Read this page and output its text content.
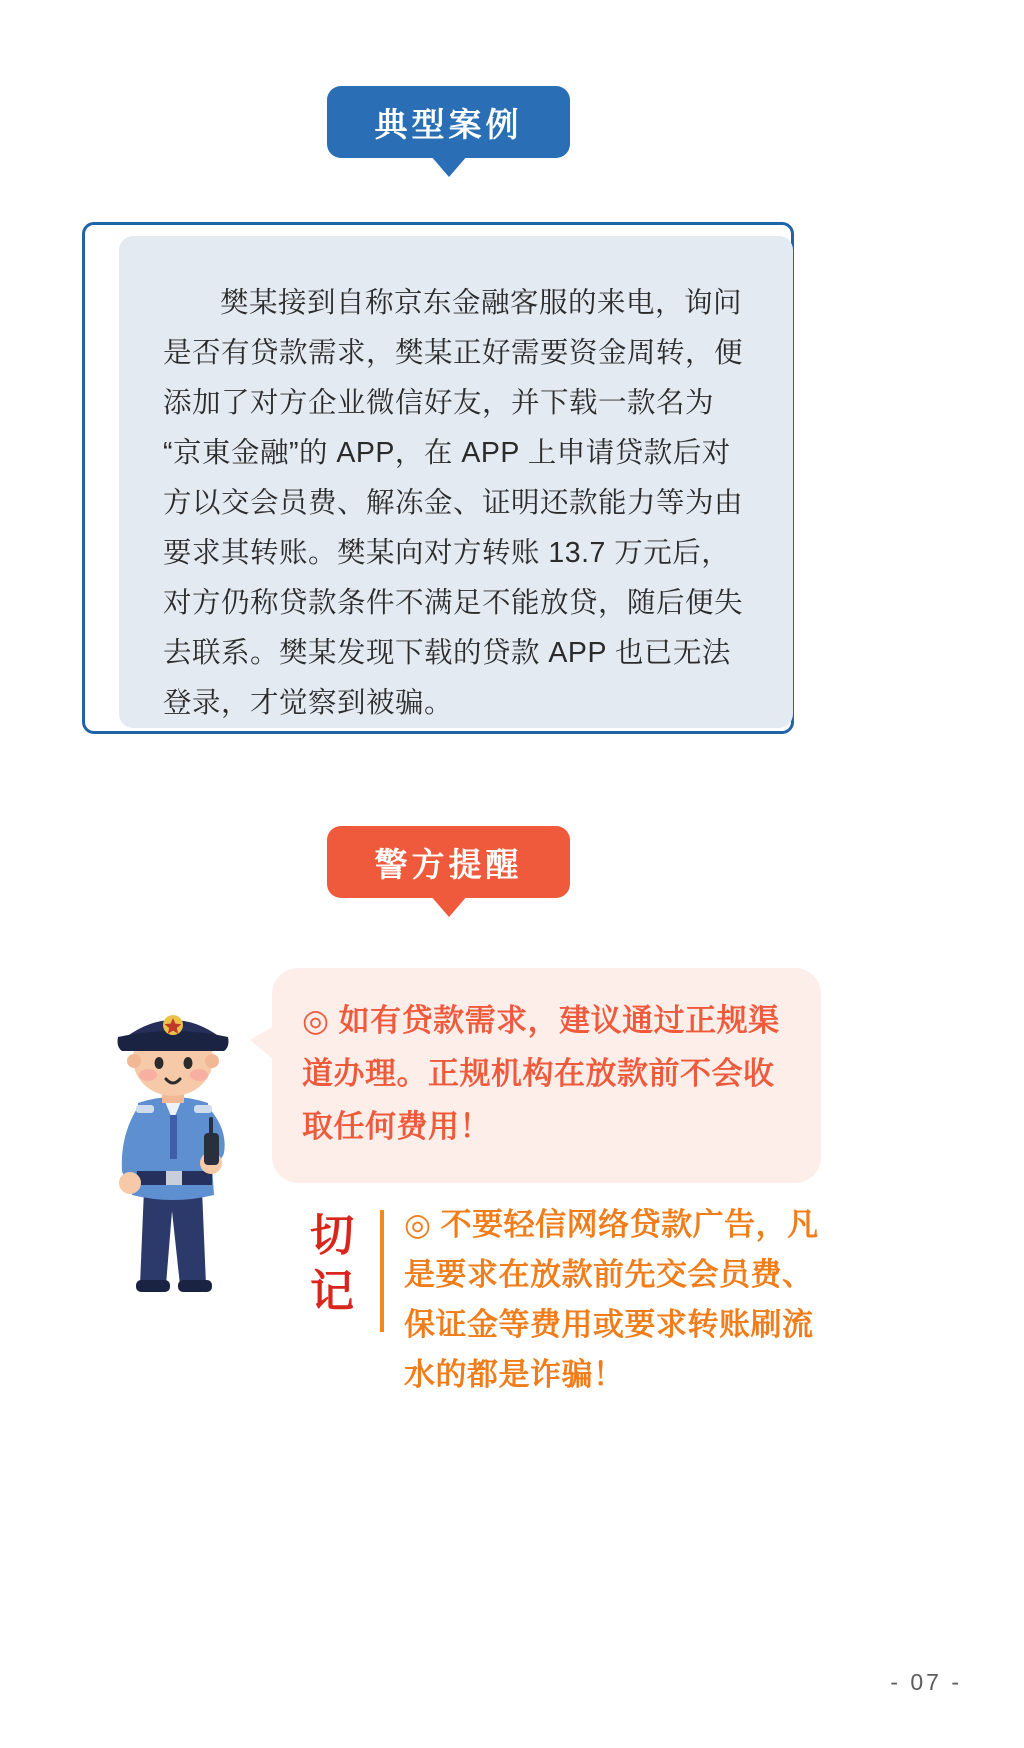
典型案例

樊某接到自称京东金融客服的来电，询问是否有贷款需求，樊某正好需要资金周转，便添加了对方企业微信好友，并下载一款名为“京東金融”的 APP，在 APP 上申请贷款后对方以交会员费、解冻金、证明还款能力等为由要求其转账。樊某向对方转账 13.7 万元后，对方仍称贷款条件不满足不能放贷，随后便失去联系。樊某发现下载的贷款 APP 也已无法登录，才觉察到被骗。

警方提醒

◎ 如有贷款需求，建议通过正规渠道办理。正规机构在放款前不会收取任何费用！

切记

◎ 不要轻信网络贷款广告，凡是要求在放款前先交会员费、保证金等费用或要求转账刷流水的都是诈骗！

- 07 -
